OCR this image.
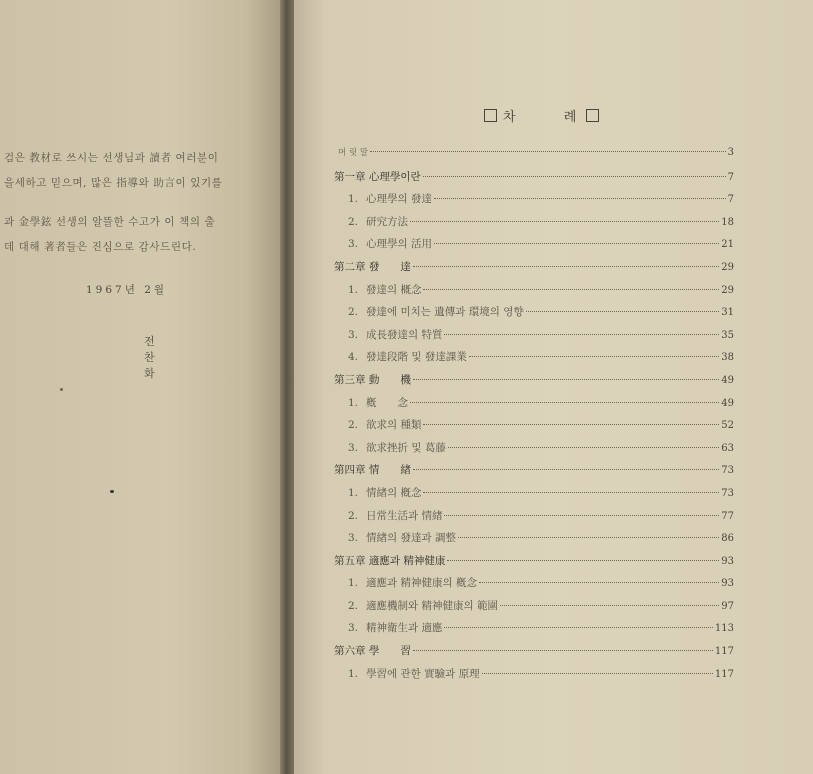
검은 教材로 쓰시는 선생님과 讀者 여러분이
을세하고 믿으며, 많은 指導와 助言이 있기를
과 金學鉉 선생의 알뜰한 수고가 이 책의 출
데 대해 著者들은 진심으로 감사드린다.
1967년 2월
전 찬 화
차 례
머 릿 말	3
第一章 心理學이란	7
1. 心理學의 發達	7
2. 研究方法	18
3. 心理學의 活用	21
第二章 發　　達	29
1. 發達의 概念	29
2. 發達에 미치는 遺傳과 環境의 영향	31
3. 成長發達의 特質	35
4. 發達段階 및 發達課業	38
第三章 動　　機	49
1. 槪　　念	49
2. 欲求의 種類	52
3. 欲求挫折 및 葛藤	63
第四章 情　　緖	73
1. 情緖의 槪念	73
2. 日常生活과 情緖	77
3. 情緖의 發達과 調整	86
第五章 適應과 精神健康	93
1. 適應과 精神健康의 槪念	93
2. 適應機制와 精神健康의 範圍	97
3. 精神衛生과 適應	113
第六章 學　　習	117
1. 學習에 관한 實驗과 原理	117
